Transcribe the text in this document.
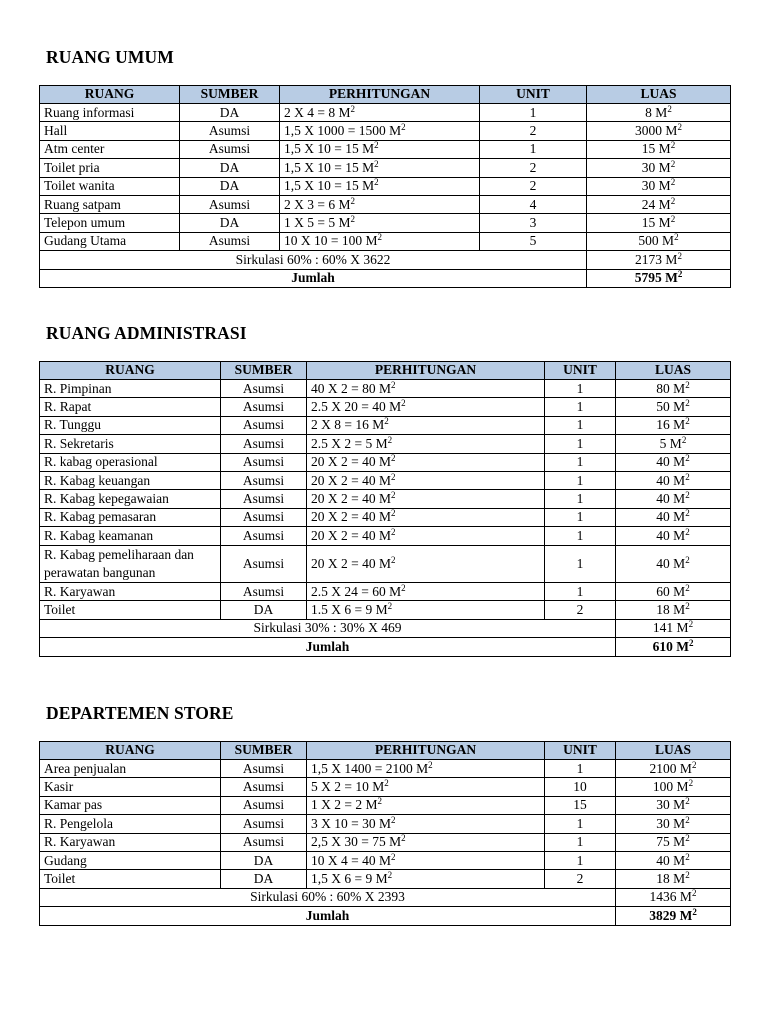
RUANG UMUM
RUANG	SUMBER	PERHITUNGAN	UNIT	LUAS
Ruang informasi	DA	2 X 4 = 8 $M^2$	1	8 $M^2$
Hall	Asumsi	1,5 X 1000 = 1500 $M^2$	2	3000 $M^2$
Atm center	Asumsi	1,5 X 10 = 15 $M^2$	1	15 $M^2$
Toilet pria	DA	1,5 X 10 = 15 $M^2$	2	30 $M^2$
Toilet wanita	DA	1,5 X 10 = 15 $M^2$	2	30 $M^2$
Ruang satpam	Asumsi	2 X 3 = 6 $M^2$	4	24 $M^2$
Telepon umum	DA	1 X 5 = 5 $M^2$	3	15 $M^2$
Gudang Utama	Asumsi	10 X 10 = 100 $M^2$	5	500 $M^2$
Sirkulasi 60% : 60% X 3622				2173 $M^2$
Jumlah				5795 $M^2$
RUANG ADMINISTRASI
RUANG	SUMBER	PERHITUNGAN	UNIT	LUAS
R. Pimpinan	Asumsi	40 X 2 = 80 $M^2$	1	80 $M^2$
R. Rapat	Asumsi	2.5 X 20 = 40 $M^2$	1	50 $M^2$
R. Tunggu	Asumsi	2 X 8 = 16 $M^2$	1	16 $M^2$
R. Sekretaris	Asumsi	2.5 X 2 = 5 $M^2$	1	5 $M^2$
R. kabag operasional	Asumsi	20 X 2 = 40 $M^2$	1	40 $M^2$
R. Kabag keuangan	Asumsi	20 X 2 = 40 $M^2$	1	40 $M^2$
R. Kabag kepegawaian	Asumsi	20 X 2 = 40 $M^2$	1	40 $M^2$
R. Kabag pemasaran	Asumsi	20 X 2 = 40 $M^2$	1	40 $M^2$
R. Kabag keamanan	Asumsi	20 X 2 = 40 $M^2$	1	40 $M^2$
R. Kabag pemeliharaan dan perawatan bangunan	Asumsi	20 X 2 = 40 $M^2$	1	40 $M^2$
R. Karyawan	Asumsi	2.5 X 24 = 60 $M^2$	1	60 $M^2$
Toilet	DA	1.5 X 6 = 9 $M^2$	2	18 $M^2$
Sirkulasi 30% : 30% X 469				141 $M^2$
Jumlah				610 $M^2$
DEPARTEMEN STORE
RUANG	SUMBER	PERHITUNGAN	UNIT	LUAS
Area penjualan	Asumsi	1,5 X 1400 = 2100 $M^2$	1	2100 $M^2$
Kasir	Asumsi	5 X 2 = 10 $M^2$	10	100 $M^2$
Kamar pas	Asumsi	1 X 2 = 2 $M^2$	15	30 $M^2$
R. Pengelola	Asumsi	3 X 10 = 30 $M^2$	1	30 $M^2$
R. Karyawan	Asumsi	2,5 X 30 = 75 $M^2$	1	75 $M^2$
Gudang	DA	10 X 4 = 40 $M^2$	1	40 $M^2$
Toilet	DA	1,5 X 6 = 9 $M^2$	2	18 $M^2$
Sirkulasi 60% : 60% X 2393				1436 $M^2$
Jumlah				3829 $M^2$
